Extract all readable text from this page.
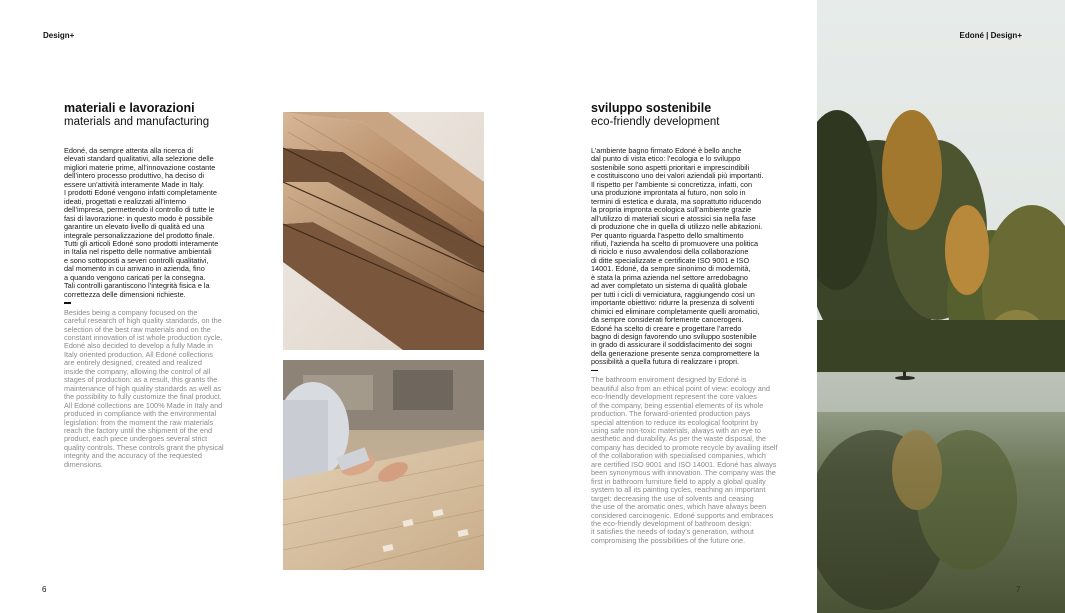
Design+	Edoné | Design+
6	7
materiali e lavorazioni
materials and manufacturing
Edoné, da sempre attenta alla ricerca di
elevati standard qualitativi, alla selezione delle
migliori materie prime, all’innovazione costante
dell’intero processo produttivo, ha deciso di
essere un’attività interamente Made in Italy.
I prodotti Edoné vengono infatti completamente
ideati, progettati e realizzati all’interno
dell’impresa, permettendo il controllo di tutte le
fasi di lavorazione: in questo modo è possibile
garantire un elevato livello di qualità ed una
integrale personalizzazione del prodotto finale.
Tutti gli articoli Edoné sono prodotti interamente
in Italia nel rispetto delle normative ambientali
e sono sottoposti a severi controlli qualitativi,
dal momento in cui arrivano in azienda, fino
a quando vengono caricati per la consegna.
Tali controlli garantiscono l’integrità fisica e la
correttezza delle dimensioni richieste.
Besides being a company focused on the
careful research of high quality standards, on the
selection of the best raw materials and on the
constant innovation of ist whole production cycle,
Edoné also decided to develop a fully Made in
Italy oriented production. All Edoné collections
are entirely designed, created and realized
inside the company, allowing the control of all
stages of production: as a result, this grants the
maintenance of high quality standards as well as
the possibility to fully customize the final product.
All Edoné collections are 100% Made in Italy and
produced in compliance with the environmental
legislation: from the moment the raw materials
reach the factory until the shipment of the end
product, each piece undergoes several strict
quality controls. These controls grant the physical
integrity and the accuracy of the requested
dimensions.
sviluppo sostenibile
eco-friendly development
L’ambiente bagno firmato Edoné è bello anche
dal punto di vista etico: l’ecologia e lo sviluppo
sostenibile sono aspetti prioritari e imprescindibili
e costituiscono uno dei valori aziendali più importanti.
Il rispetto per l’ambiente si concretizza, infatti, con
una produzione improntata al futuro, non solo in
termini di estetica e durata, ma soprattutto riducendo
la propria impronta ecologica sull’ambiente grazie
all’utilizzo di materiali sicuri e atossici sia nella fase
di produzione che in quella di utilizzo nelle abitazioni.
Per quanto riguarda l’aspetto dello smaltimento
rifiuti, l’azienda ha scelto di promuovere una politica
di riciclo e riuso avvalendosi della collaborazione
di ditte specializzate e certificate ISO 9001 e ISO
14001. Edoné, da sempre sinonimo di modernità,
è stata la prima azienda nel settore arredobagno
ad aver completato un sistema di qualità globale
per tutti i cicli di verniciatura, raggiungendo così un
importante obiettivo: ridurre la presenza di solventi
chimici ed eliminare completamente quelli aromatici,
da sempre considerati fortemente cancerogeni.
Edoné ha scelto di creare e progettare l’arredo
bagno di design favorendo uno sviluppo sostenibile
in grado di assicurare il soddisfacimento dei sogni
della generazione presente senza compromettere la
possibilità a quella futura di realizzare i propri.
The bathroom enviroment designed by Edoné is
beautiful also from an ethical point of view: ecology and
eco-friendly development represent the core values
of the company, being essential elements of its whole
production. The forward-oriented production pays
special attention to reduce its ecological footprint by
using safe non-toxic materials, always with an eye to
aesthetic and durability. As per the waste disposal, the
company has decided to promote recycle by availing itself
of the collaboration with specialised companies, which
are certified ISO 9001 and ISO 14001. Edoné has always
been synonymous with innovation. The company was the
first in bathroom furniture field to apply a global quality
system to all its painting cycles, reaching an important
target: decreasing the use of solvents and ceasing
the use of the aromatic ones, which have always been
considered carcinogenic. Edoné supports and embraces
the eco-friendly development of bathroom design:
it satisfies the needs of today’s generation, without
compromising the possibilities of the future one.
